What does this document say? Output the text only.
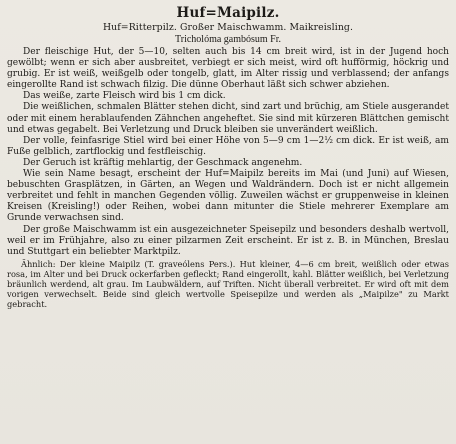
Huf=Maipilz.
Huf=Ritterpilz. Großer Maischwamm. Maikreisling.
Tricholóma gambósum Fr.

Der fleischige Hut, der 5—10, selten auch bis 14 cm breit wird, ist in der Jugend hoch gewölbt; wenn er sich aber ausbreitet, verbiegt er sich meist, wird oft hufförmig, höckrig und grubig. Er ist weiß, weißgelb oder tongelb, glatt, im Alter rissig und verblassend; der anfangs eingerollte Rand ist schwach filzig. Die dünne Oberhaut läßt sich schwer abziehen.

Das weiße, zarte Fleisch wird bis 1 cm dick.

Die weißlichen, schmalen Blätter stehen dicht, sind zart und brüchig, am Stiele ausgerandet oder mit einem herablaufenden Zähnchen angeheftet. Sie sind mit kürzeren Blättchen gemischt und etwas gegabelt. Bei Verletzung und Druck bleiben sie unverändert weißlich.

Der volle, feinfasrige Stiel wird bei einer Höhe von 5—9 cm 1—2½ cm dick. Er ist weiß, am Fuße gelblich, zartflockig und festfleischig.

Der Geruch ist kräftig mehlartig, der Geschmack angenehm.

Wie sein Name besagt, erscheint der Huf=Maipilz bereits im Mai (und Juni) auf Wiesen, bebuschten Grasplätzen, in Gärten, an Wegen und Waldrändern. Doch ist er nicht allgemein verbreitet und fehlt in manchen Gegenden völlig. Zuweilen wächst er gruppenweise in kleinen Kreisen (Kreisling!) oder Reihen, wobei dann mitunter die Stiele mehrerer Exemplare am Grunde verwachsen sind.

Der große Maischwamm ist ein ausgezeichneter Speisepilz und besonders deshalb wertvoll, weil er im Frühjahre, also zu einer pilzarmen Zeit erscheint. Er ist z. B. in München, Breslau und Stuttgart ein beliebter Marktpilz.

Ähnlich: Der kleine Maipilz (T. graveólens Pers.). Hut kleiner, 4—6 cm breit, weißlich oder etwas rosa, im Alter und bei Druck ockerfarben gefleckt; Rand eingerollt, kahl. Blätter weißlich, bei Verletzung bräunlich werdend, alt grau. Im Laubwäldern, auf Triften. Nicht überall verbreitet. Er wird oft mit dem vorigen verwechselt. Beide sind gleich wertvolle Speisepilze und werden als „Maipilze" zu Markt gebracht.
